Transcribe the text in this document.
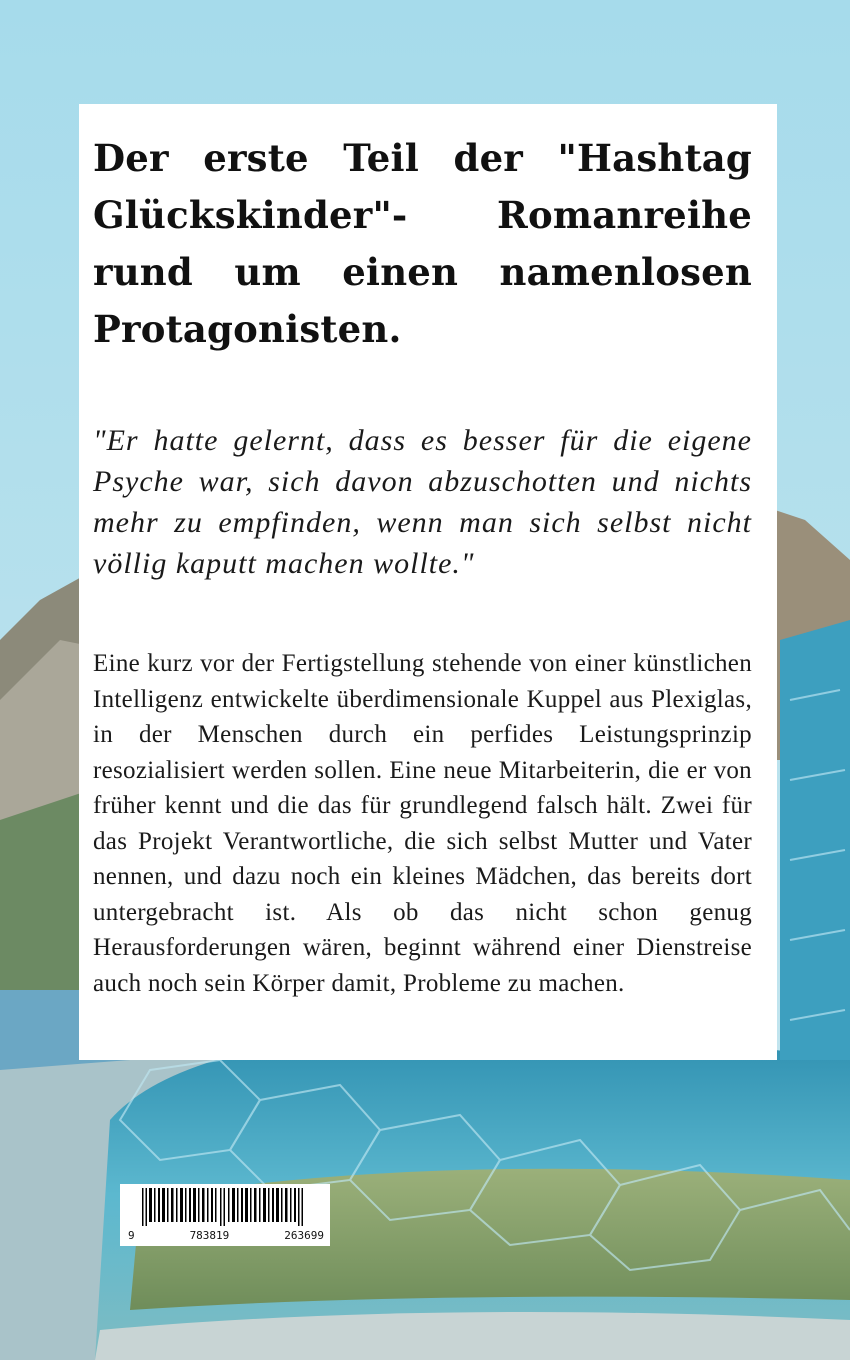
Der erste Teil der "Hashtag Glückskinder"- Romanreihe rund um einen namenlosen Protagonisten.

"Er hatte gelernt, dass es besser für die eigene Psyche war, sich davon abzuschotten und nichts mehr zu empfinden, wenn man sich selbst nicht völlig kaputt machen wollte."

Eine kurz vor der Fertigstellung stehende von einer künstlichen Intelligenz entwickelte überdimensionale Kuppel aus Plexiglas, in der Menschen durch ein perfides Leistungsprinzip resozialisiert werden sollen. Eine neue Mitarbeiterin, die er von früher kennt und die das für grundlegend falsch hält. Zwei für das Projekt Verantwortliche, die sich selbst Mutter und Vater nennen, und dazu noch ein kleines Mädchen, das bereits dort untergebracht ist. Als ob das nicht schon genug Herausforderungen wären, beginnt während einer Dienstreise auch noch sein Körper damit, Probleme zu machen.

9	783819	263699
